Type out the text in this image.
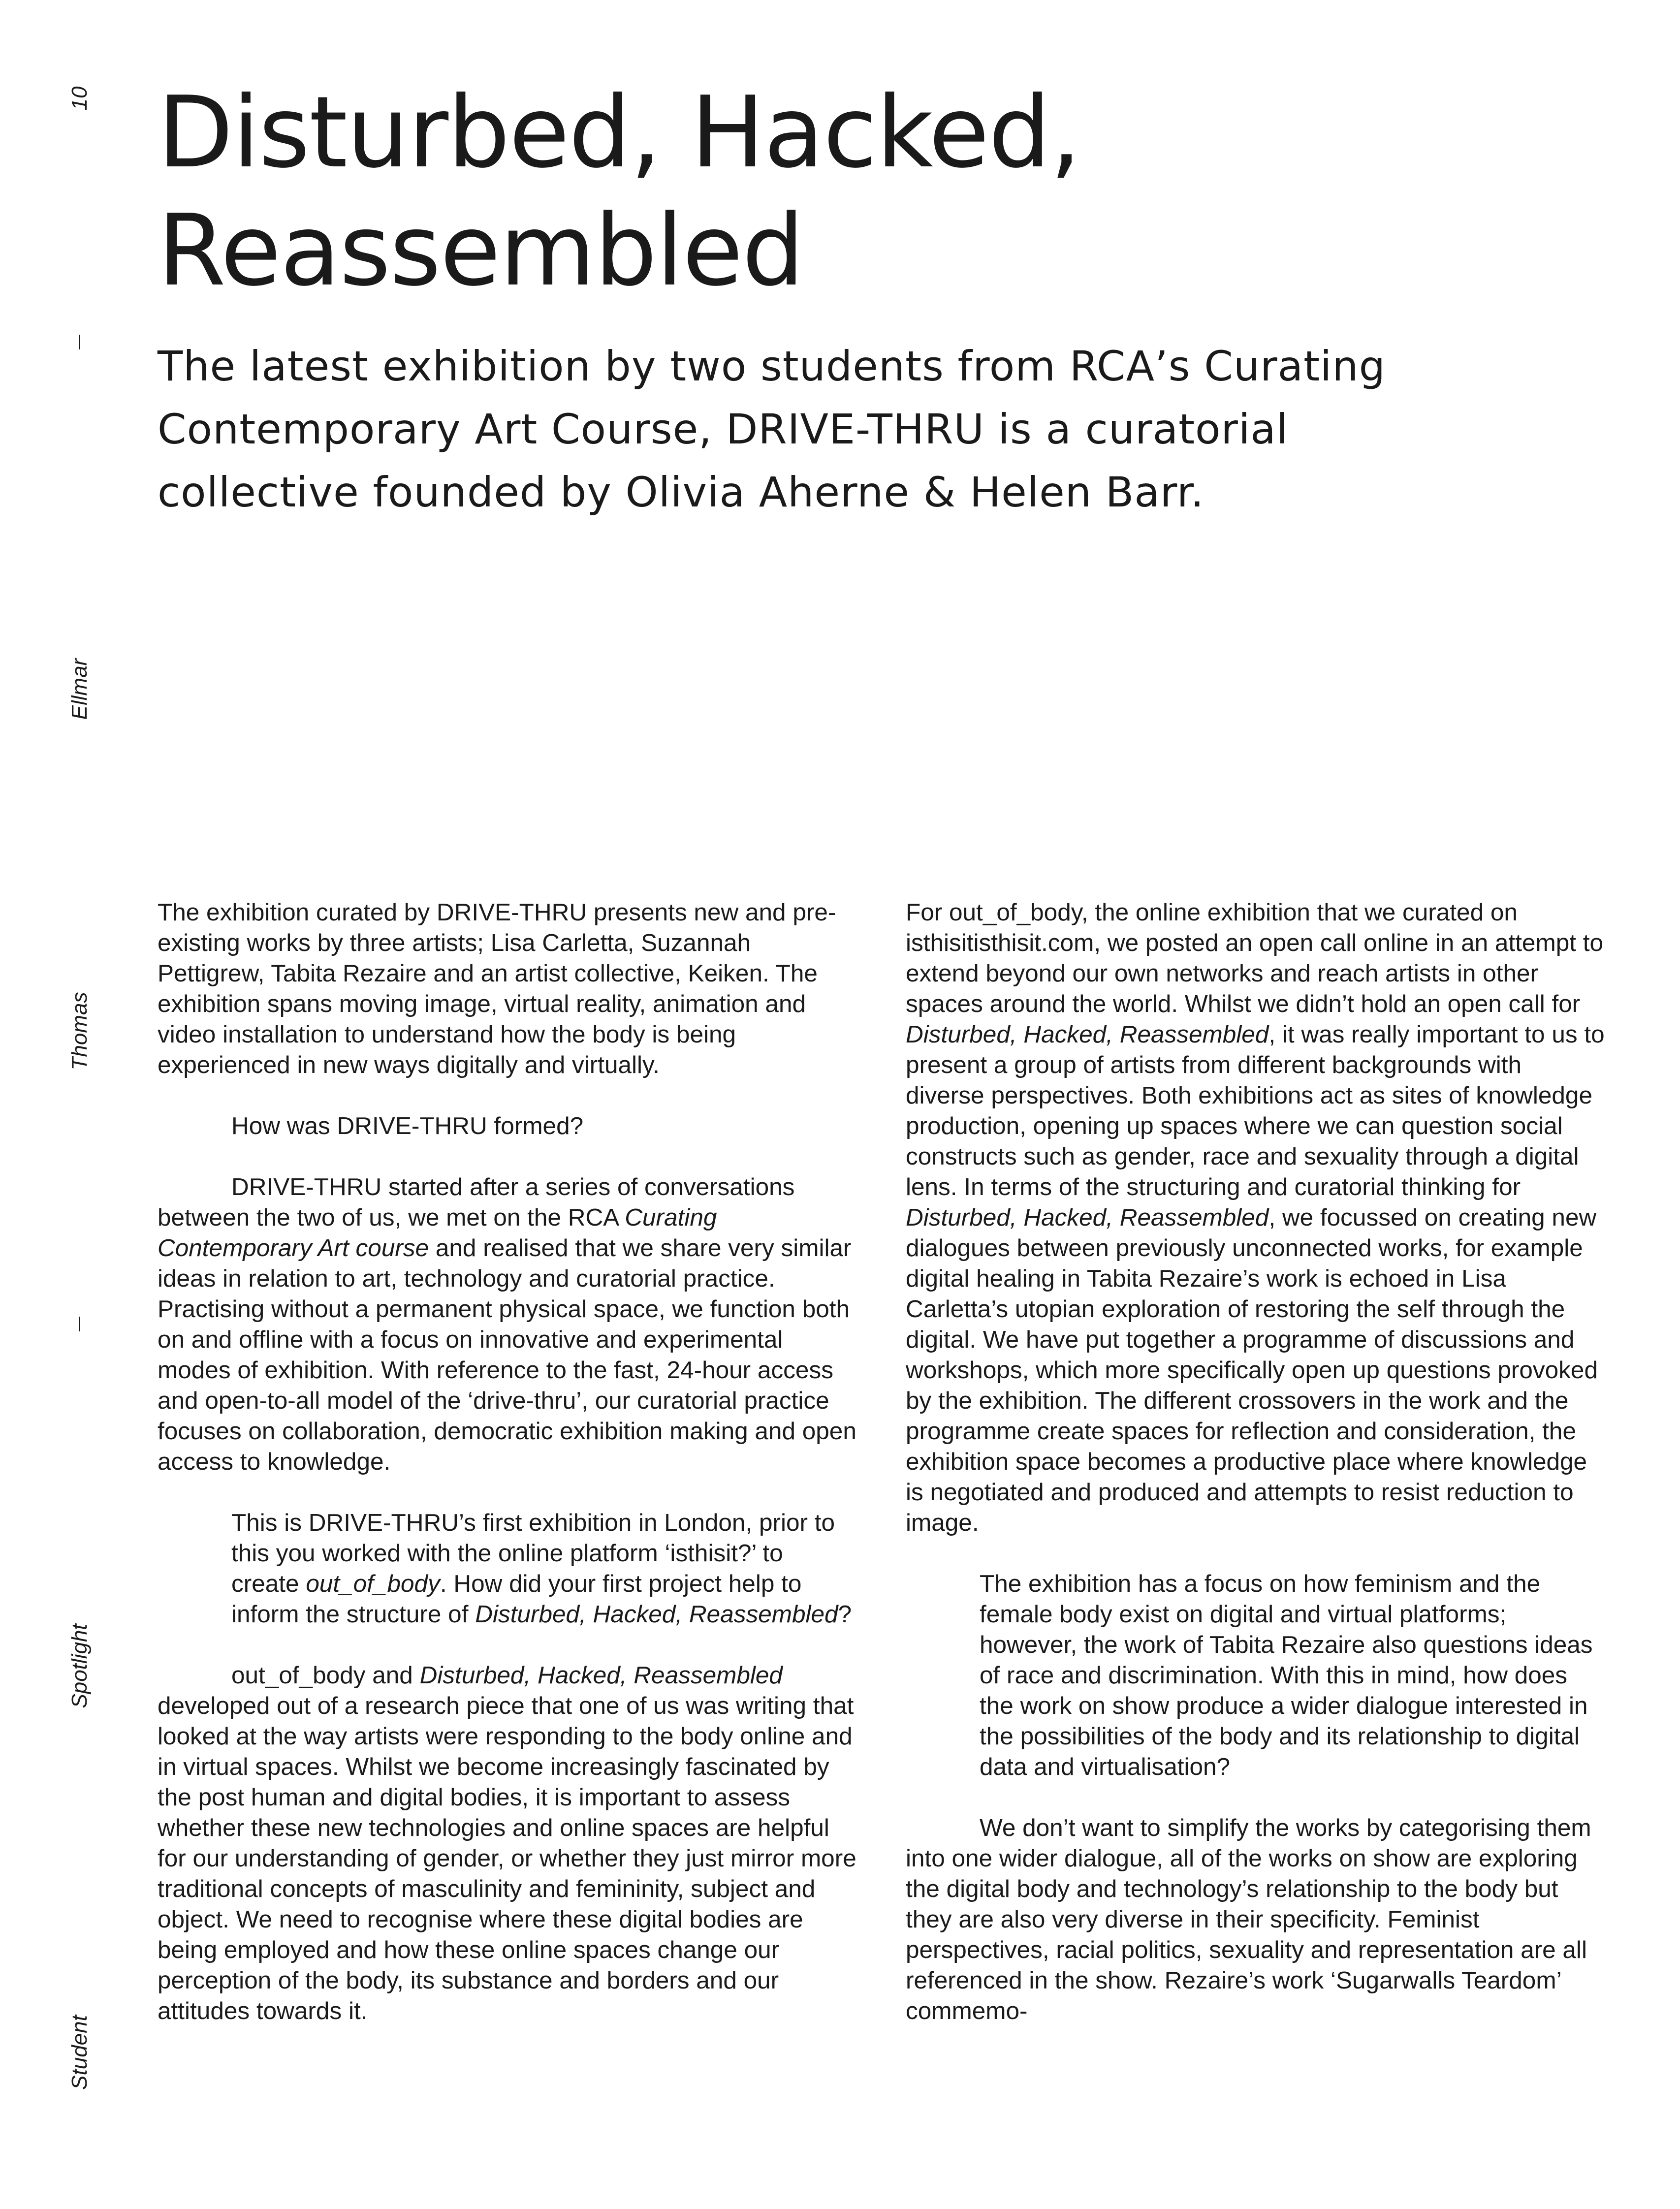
10
Ellmar
Thomas
Spotlight
Student
Disturbed, Hacked,
Reassembled

The latest exhibition by two students from RCA’s Curating
Contemporary Art Course, DRIVE-THRU is a curatorial
collective founded by Olivia Aherne & Helen Barr.

The exhibition curated by DRIVE-THRU presents new and pre-existing works by three artists; Lisa Carletta, Suzannah Pettigrew, Tabita Rezaire and an artist collective, Keiken. The exhibition spans moving image, virtual reality, animation and video installation to understand how the body is being experienced in new ways digitally and virtually.

How was DRIVE-THRU formed?

DRIVE-THRU started after a series of conversations between the two of us, we met on the RCA Curating Contemporary Art course and realised that we share very similar ideas in relation to art, technology and curatorial practice. Practising without a permanent physical space, we function both on and offline with a focus on innovative and experimental modes of exhibition. With reference to the fast, 24-hour access and open-to-all model of the ‘drive-thru’, our curatorial practice focuses on collaboration, democratic exhibition making and open access to knowledge.

This is DRIVE-THRU’s first exhibition in London, prior to this you worked with the online platform ‘isthisit?’ to create out_of_body. How did your first project help to inform the structure of Disturbed, Hacked, Reassembled?

out_of_body and Disturbed, Hacked, Reassembled developed out of a research piece that one of us was writing that looked at the way artists were responding to the body online and in virtual spaces. Whilst we become increasingly fascinated by the post human and digital bodies, it is important to assess whether these new technologies and online spaces are helpful for our understanding of gender, or whether they just mirror more traditional concepts of masculinity and femininity, subject and object. We need to recognise where these digital bodies are being employed and how these online spaces change our perception of the body, its substance and borders and our attitudes towards it.

For out_of_body, the online exhibition that we curated on isthisitisthisit.com, we posted an open call online in an attempt to extend beyond our own networks and reach artists in other spaces around the world. Whilst we didn’t hold an open call for Disturbed, Hacked, Reassembled, it was really important to us to present a group of artists from different backgrounds with diverse perspectives. Both exhibitions act as sites of knowledge production, opening up spaces where we can question social constructs such as gender, race and sexuality through a digital lens. In terms of the structuring and curatorial thinking for Disturbed, Hacked, Reassembled, we focussed on creating new dialogues between previously unconnected works, for example digital healing in Tabita Rezaire’s work is echoed in Lisa Carletta’s utopian exploration of restoring the self through the digital. We have put together a programme of discussions and workshops, which more specifically open up questions provoked by the exhibition. The different crossovers in the work and the programme create spaces for reflection and consideration, the exhibition space becomes a productive place where knowledge is negotiated and produced and attempts to resist reduction to image.

The exhibition has a focus on how feminism and the female body exist on digital and virtual platforms; however, the work of Tabita Rezaire also questions ideas of race and discrimination. With this in mind, how does the work on show produce a wider dialogue interested in the possibilities of the body and its relationship to digital data and virtualisation?

We don’t want to simplify the works by categorising them into one wider dialogue, all of the works on show are exploring the digital body and technology’s relationship to the body but they are also very diverse in their specificity. Feminist perspectives, racial politics, sexuality and representation are all referenced in the show. Rezaire’s work ‘Sugarwalls Teardom’ commemo-
